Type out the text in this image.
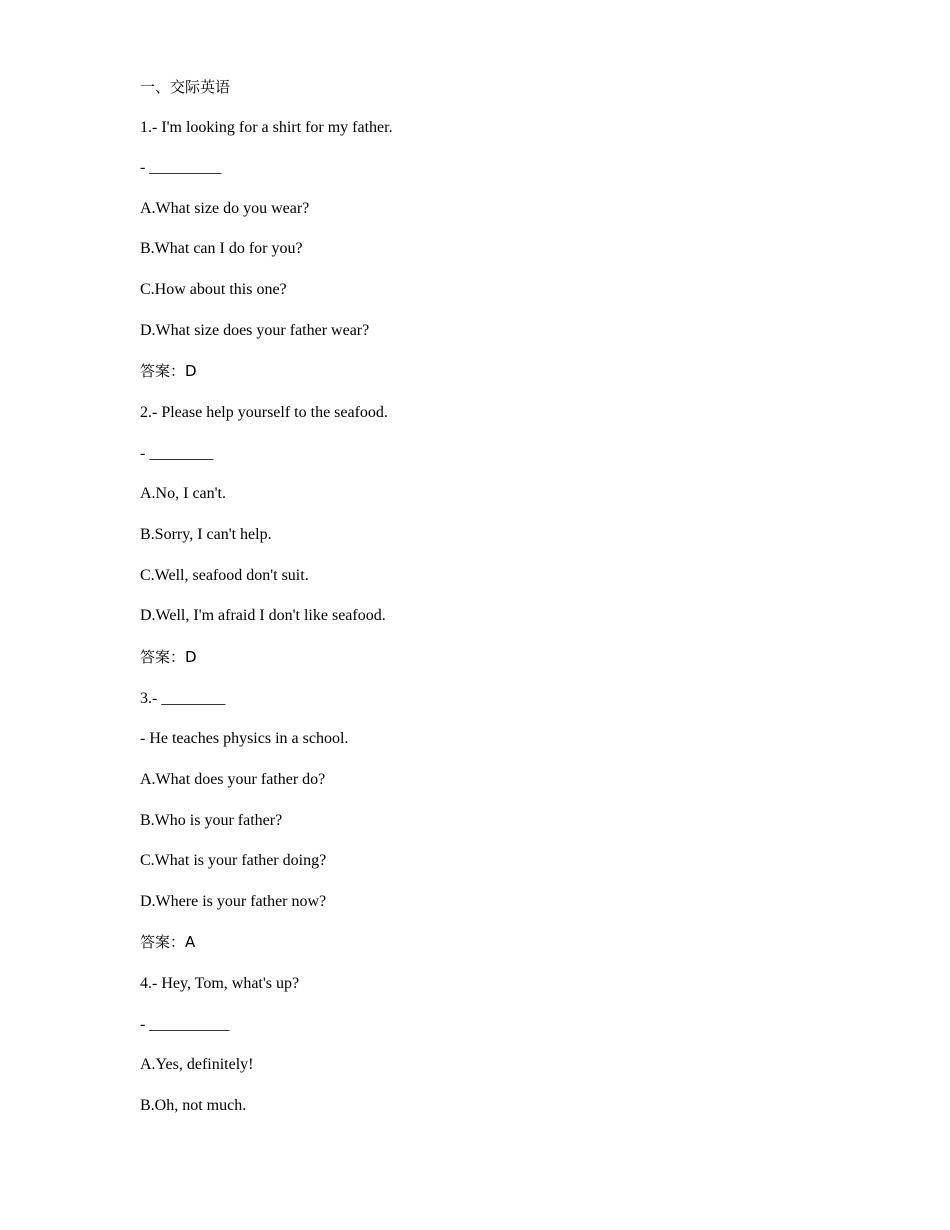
一、交际英语
1.- I'm looking for a shirt for my father.
- _________
A.What size do you wear?
B.What can I do for you?
C.How about this one?
D.What size does your father wear?
答案：D
2.- Please help yourself to the seafood.
- ________
A.No, I can't.
B.Sorry, I can't help.
C.Well, seafood don't suit.
D.Well, I'm afraid I don't like seafood.
答案：D
3.- ________
- He teaches physics in a school.
A.What does your father do?
B.Who is your father?
C.What is your father doing?
D.Where is your father now?
答案：A
4.- Hey, Tom, what's up?
- __________
A.Yes, definitely!
B.Oh, not much.
